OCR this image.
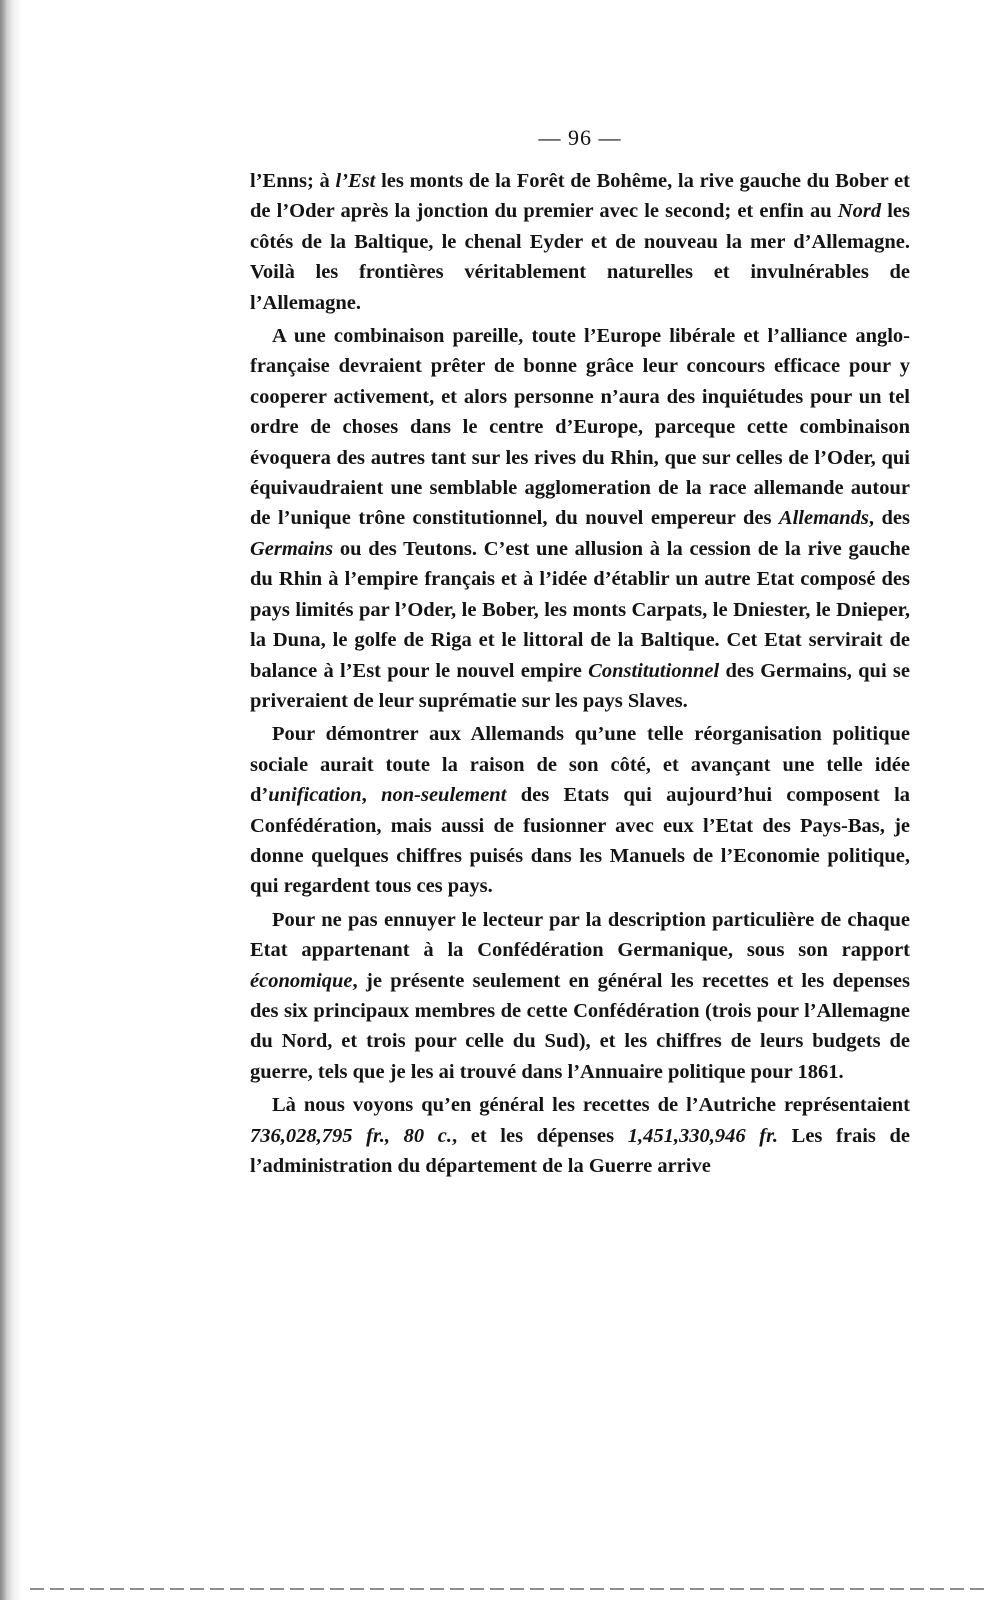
— 96 —

l’Enns; à l’Est les monts de la Forêt de Bohême, la rive gauche du Bober et de l’Oder après la jonction du premier avec le second; et enfin au Nord les côtés de la Baltique, le chenal Eyder et de nouveau la mer d’Allemagne. Voilà les frontières véritablement naturelles et invulnérables de l’Allemagne.

A une combinaison pareille, toute l’Europe libérale et l’alliance anglo-française devraient prêter de bonne grâce leur concours efficace pour y cooperer activement, et alors personne n’aura des inquiétudes pour un tel ordre de choses dans le centre d’Europe, parceque cette combinaison évoquera des autres tant sur les rives du Rhin, que sur celles de l’Oder, qui équivaudraient une semblable agglomeration de la race allemande autour de l’unique trône constitutionnel, du nouvel empereur des Allemands, des Germains ou des Teutons. C’est une allusion à la cession de la rive gauche du Rhin à l’empire français et à l’idée d’établir un autre Etat composé des pays limités par l’Oder, le Bober, les monts Carpats, le Dniester, le Dnieper, la Duna, le golfe de Riga et le littoral de la Baltique. Cet Etat servirait de balance à l’Est pour le nouvel empire Constitutionnel des Germains, qui se priveraient de leur suprématie sur les pays Slaves.

Pour démontrer aux Allemands qu’une telle réorganisation politique sociale aurait toute la raison de son côté, et avançant une telle idée d’unification, non-seulement des Etats qui aujourd’hui composent la Confédération, mais aussi de fusionner avec eux l’Etat des Pays-Bas, je donne quelques chiffres puisés dans les Manuels de l’Economie politique, qui regardent tous ces pays.

Pour ne pas ennuyer le lecteur par la description particulière de chaque Etat appartenant à la Confédération Germanique, sous son rapport économique, je présente seulement en général les recettes et les depenses des six principaux membres de cette Confédération (trois pour l’Allemagne du Nord, et trois pour celle du Sud), et les chiffres de leurs budgets de guerre, tels que je les ai trouvé dans l’Annuaire politique pour 1861.

Là nous voyons qu’en général les recettes de l’Autriche représentaient 736,028,795 fr., 80 c., et les dépenses 1,451,330,946 fr. Les frais de l’administration du département de la Guerre arrive
